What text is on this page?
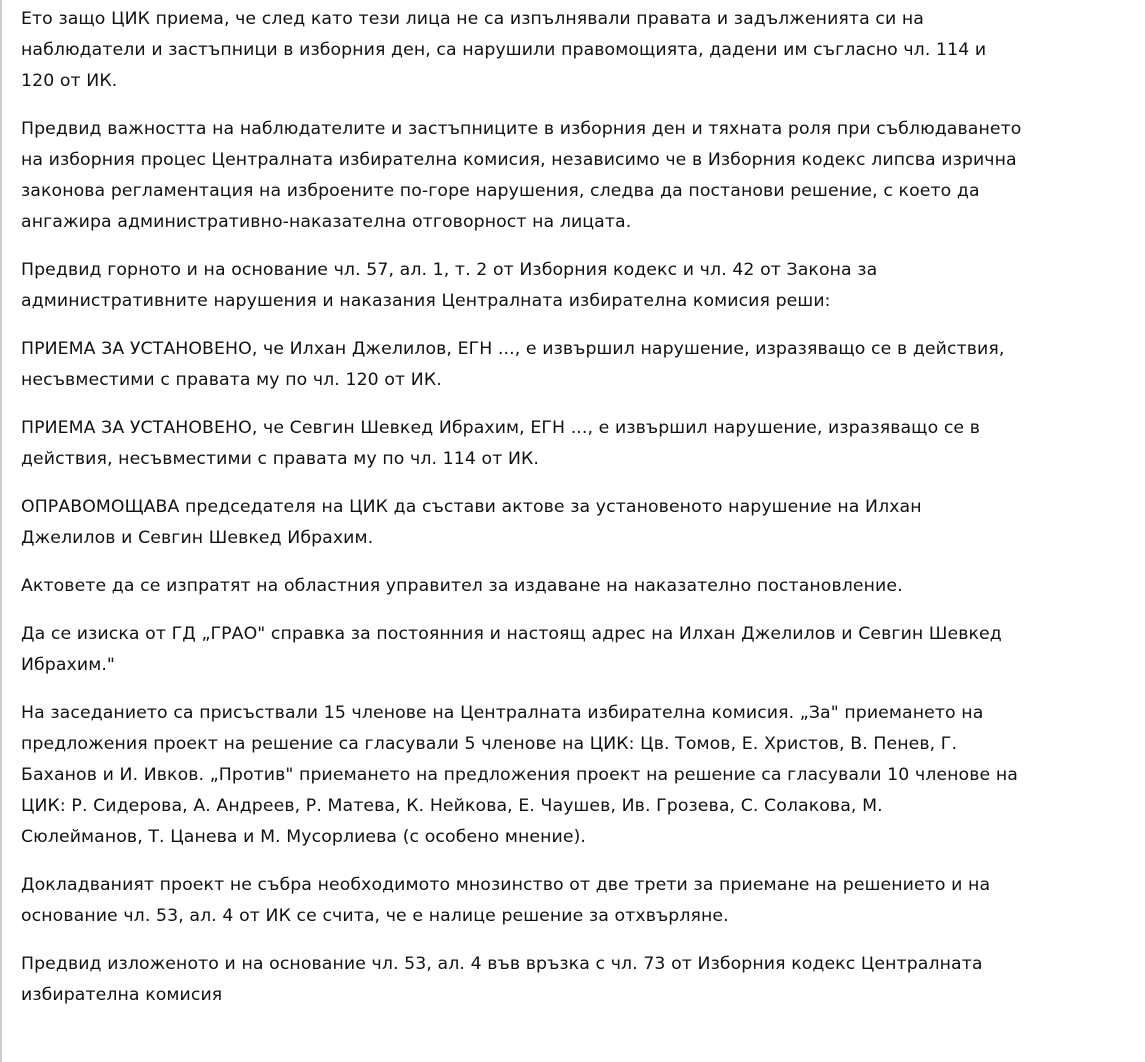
Ето защо ЦИК приема, че след като тези лица не са изпълнявали правата и задълженията си на
наблюдатели и застъпници в изборния ден, са нарушили правомощията, дадени им съгласно чл. 114 и
120 от ИК.

Предвид важността на наблюдателите и застъпниците в изборния ден и тяхната роля при съблюдаването
на изборния процес Централната избирателна комисия, независимо че в Изборния кодекс липсва изрична
законова регламентация на изброените по-горе нарушения, следва да постанови решение, с което да
ангажира административно-наказателна отговорност на лицата.

Предвид горното и на основание чл. 57, ал. 1, т. 2 от Изборния кодекс и чл. 42 от Закона за
административните нарушения и наказания Централната избирателна комисия реши:

ПРИЕМА ЗА УСТАНОВЕНО, че Илхан Джелилов, ЕГН ..., е извършил нарушение, изразяващо се в действия,
несъвместими с правата му по чл. 120 от ИК.

ПРИЕМА ЗА УСТАНОВЕНО, че Севгин Шевкед Ибрахим, ЕГН ..., е извършил нарушение, изразяващо се в
действия, несъвместими с правата му по чл. 114 от ИК.

ОПРАВОМОЩАВА председателя на ЦИК да състави актове за установеното нарушение на Илхан
Джелилов и Севгин Шевкед Ибрахим.

Актовете да се изпратят на областния управител за издаване на наказателно постановление.

Да се изиска от ГД „ГРАО" справка за постоянния и настоящ адрес на Илхан Джелилов и Севгин Шевкед
Ибрахим."

На заседанието са присъствали 15 членове на Централната избирателна комисия. „За" приемането на
предложения проект на решение са гласували 5 членове на ЦИК: Цв. Томов, Е. Христов, В. Пенев, Г.
Баханов и И. Ивков. „Против" приемането на предложения проект на решение са гласували 10 членове на
ЦИК: Р. Сидерова, А. Андреев, Р. Матева, К. Нейкова, Е. Чаушев, Ив. Грозева, С. Солакова, М.
Сюлейманов, Т. Цанева и М. Мусорлиева (с особено мнение).

Докладваният проект не събра необходимото мнозинство от две трети за приемане на решението и на
основание чл. 53, ал. 4 от ИК се счита, че е налице решение за отхвърляне.

Предвид изложеното и на основание чл. 53, ал. 4 във връзка с чл. 73 от Изборния кодекс Централната
избирателна комисия
